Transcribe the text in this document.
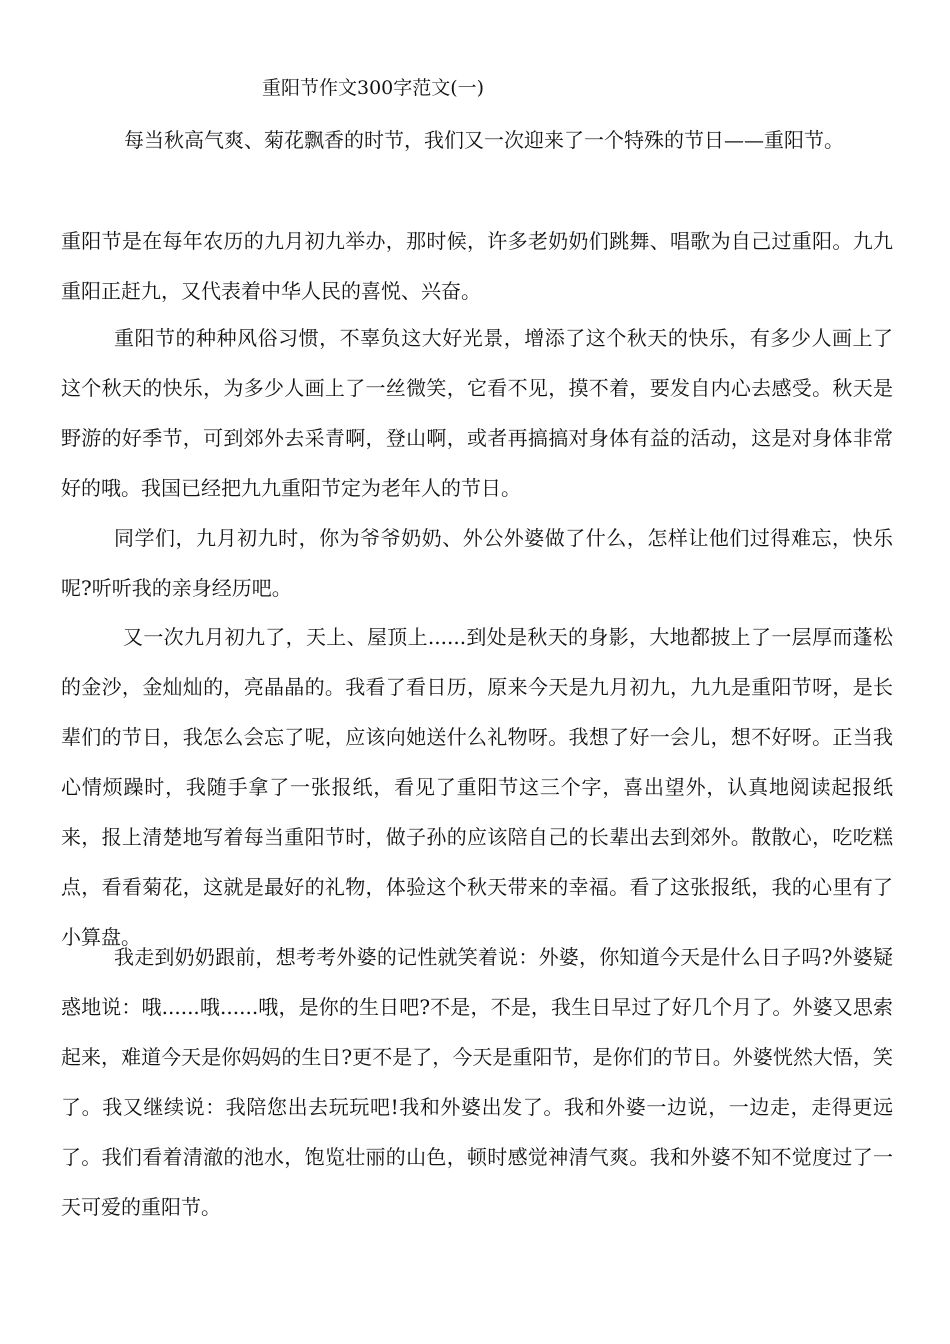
重阳节作文300字范文(一)

每当秋高气爽、菊花飘香的时节，我们又一次迎来了一个特殊的节日——重阳节。

重阳节是在每年农历的九月初九举办，那时候，许多老奶奶们跳舞、唱歌为自己过重阳。九九重阳正赶九，又代表着中华人民的喜悦、兴奋。

重阳节的种种风俗习惯，不辜负这大好光景，增添了这个秋天的快乐，有多少人画上了这个秋天的快乐，为多少人画上了一丝微笑，它看不见，摸不着，要发自内心去感受。秋天是野游的好季节，可到郊外去采青啊，登山啊，或者再搞搞对身体有益的活动，这是对身体非常好的哦。我国已经把九九重阳节定为老年人的节日。

同学们，九月初九时，你为爷爷奶奶、外公外婆做了什么，怎样让他们过得难忘，快乐呢?听听我的亲身经历吧。

又一次九月初九了，天上、屋顶上......到处是秋天的身影，大地都披上了一层厚而蓬松的金沙，金灿灿的，亮晶晶的。我看了看日历，原来今天是九月初九，九九是重阳节呀，是长辈们的节日，我怎么会忘了呢，应该向她送什么礼物呀。我想了好一会儿，想不好呀。正当我心情烦躁时，我随手拿了一张报纸，看见了重阳节这三个字，喜出望外，认真地阅读起报纸来，报上清楚地写着每当重阳节时，做子孙的应该陪自己的长辈出去到郊外。散散心，吃吃糕点，看看菊花，这就是最好的礼物，体验这个秋天带来的幸福。看了这张报纸，我的心里有了小算盘。

我走到奶奶跟前，想考考外婆的记性就笑着说：外婆，你知道今天是什么日子吗?外婆疑惑地说：哦......哦......哦，是你的生日吧?不是，不是，我生日早过了好几个月了。外婆又思索起来，难道今天是你妈妈的生日?更不是了，今天是重阳节，是你们的节日。外婆恍然大悟，笑了。我又继续说：我陪您出去玩玩吧!我和外婆出发了。我和外婆一边说，一边走，走得更远了。我们看着清澈的池水，饱览壮丽的山色，顿时感觉神清气爽。我和外婆不知不觉度过了一天可爱的重阳节。
